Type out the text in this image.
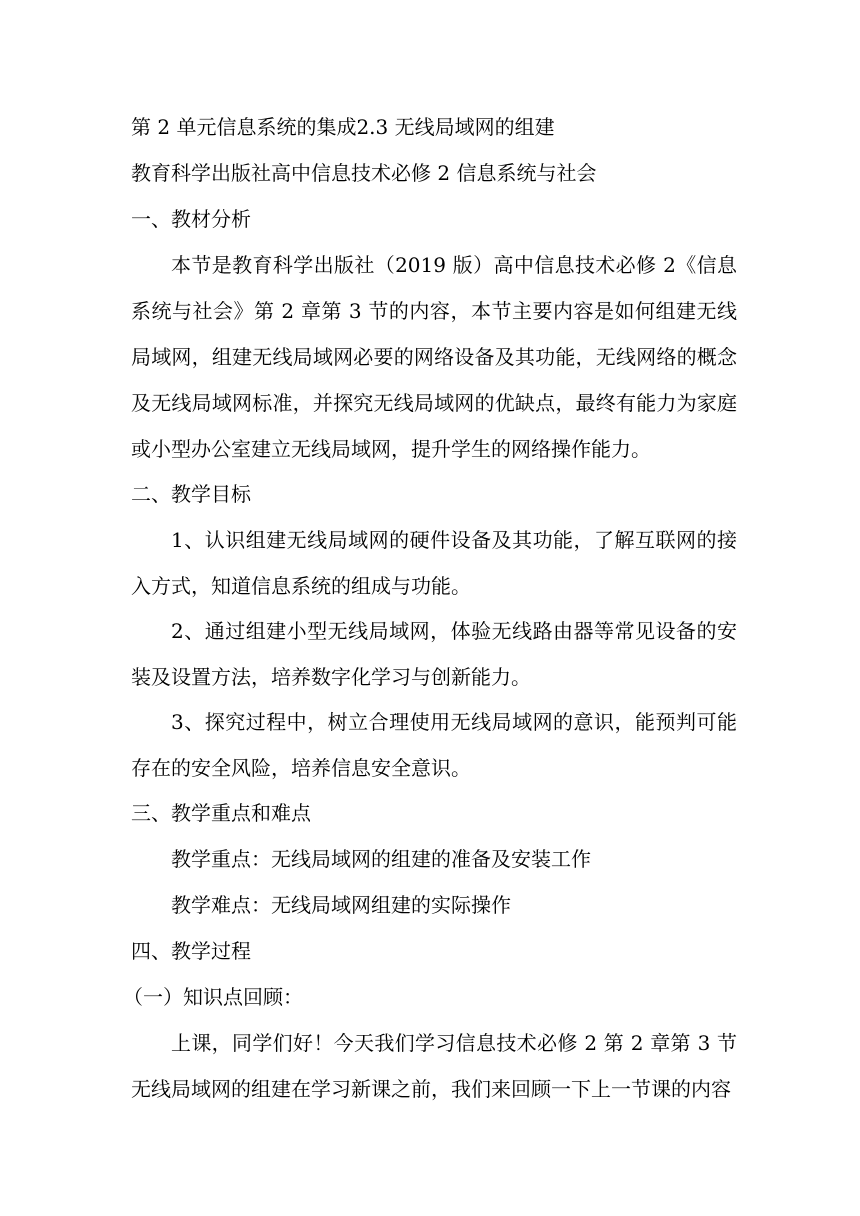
第 2 单元信息系统的集成2.3 无线局域网的组建
教育科学出版社高中信息技术必修 2 信息系统与社会
一、教材分析
本节是教育科学出版社（2019 版）高中信息技术必修 2《信息系统与社会》第 2 章第 3 节的内容，本节主要内容是如何组建无线局域网，组建无线局域网必要的网络设备及其功能，无线网络的概念及无线局域网标准，并探究无线局域网的优缺点，最终有能力为家庭或小型办公室建立无线局域网，提升学生的网络操作能力。
二、教学目标
1、认识组建无线局域网的硬件设备及其功能，了解互联网的接入方式，知道信息系统的组成与功能。
2、通过组建小型无线局域网，体验无线路由器等常见设备的安装及设置方法，培养数字化学习与创新能力。
3、探究过程中，树立合理使用无线局域网的意识，能预判可能存在的安全风险，培养信息安全意识。
三、教学重点和难点
教学重点：无线局域网的组建的准备及安装工作
教学难点：无线局域网组建的实际操作
四、教学过程
（一）知识点回顾：
上课，同学们好！今天我们学习信息技术必修 2 第 2 章第 3 节无线局域网的组建在学习新课之前，我们来回顾一下上一节课的内容
